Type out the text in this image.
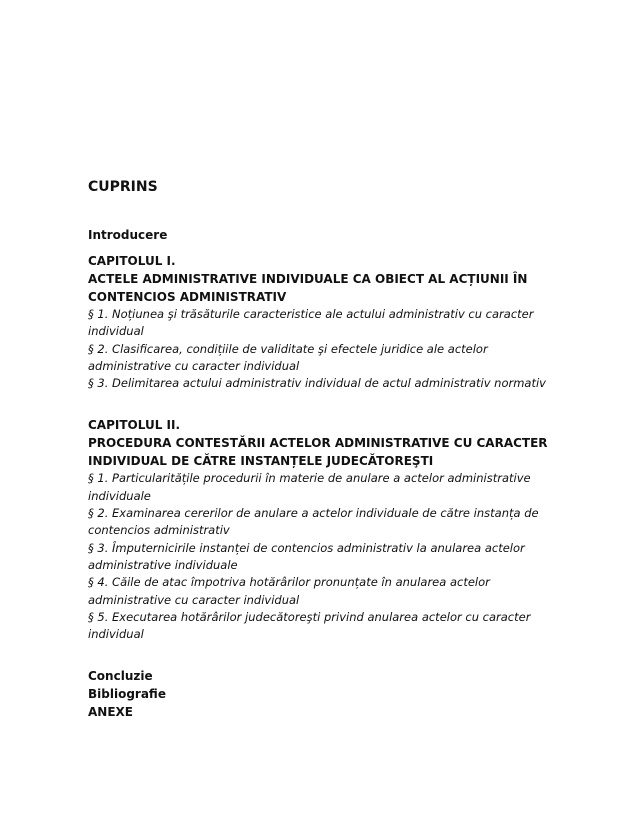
CUPRINS
Introducere
CAPITOLUL I.
ACTELE ADMINISTRATIVE INDIVIDUALE CA OBIECT AL ACȚIUNII ÎN CONTENCIOS ADMINISTRATIV
§ 1. Noțiunea şi trăsăturile caracteristice ale actului administrativ cu caracter individual
§ 2. Clasificarea, condițiile de validitate şi efectele juridice ale actelor administrative cu caracter individual
§ 3. Delimitarea actului administrativ individual de actul administrativ normativ
CAPITOLUL II.
PROCEDURA CONTESTĂRII ACTELOR ADMINISTRATIVE CU CARACTER INDIVIDUAL DE CĂTRE INSTANȚELE JUDECĂTOREŞTI
§ 1. Particularitățile procedurii în materie de anulare a actelor administrative individuale
§ 2. Examinarea cererilor de anulare a actelor individuale de către instanța de contencios administrativ
§ 3. Împuternicirile instanței de contencios administrativ la anularea actelor administrative individuale
§ 4. Căile de atac împotriva hotărârilor pronunțate în anularea actelor administrative cu caracter individual
§ 5. Executarea hotărârilor judecătoreşti privind anularea actelor cu caracter individual
Concluzie
Bibliografie
ANEXE
